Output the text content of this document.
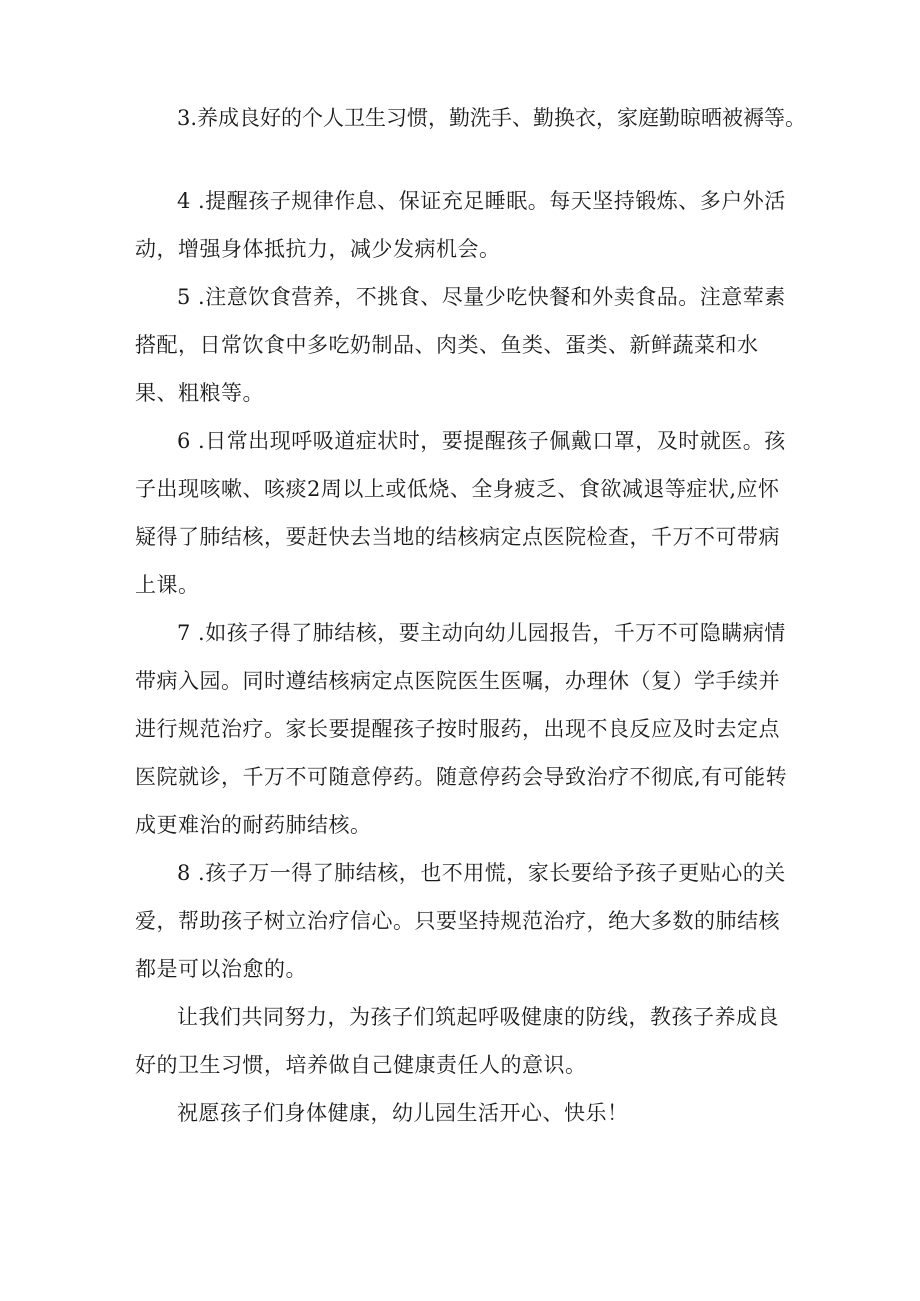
3.养成良好的个人卫生习惯，勤洗手、勤换衣，家庭勤晾晒被褥等。

4 .提醒孩子规律作息、保证充足睡眠。每天坚持锻炼、多户外活动，增强身体抵抗力，减少发病机会。

5 .注意饮食营养，不挑食、尽量少吃快餐和外卖食品。注意荤素搭配，日常饮食中多吃奶制品、肉类、鱼类、蛋类、新鲜蔬菜和水果、粗粮等。

6 .日常出现呼吸道症状时，要提醒孩子佩戴口罩，及时就医。孩子出现咳嗽、咳痰2周以上或低烧、全身疲乏、食欲减退等症状,应怀疑得了肺结核，要赶快去当地的结核病定点医院检查，千万不可带病上课。

7 .如孩子得了肺结核，要主动向幼儿园报告，千万不可隐瞒病情带病入园。同时遵结核病定点医院医生医嘱，办理休（复）学手续并进行规范治疗。家长要提醒孩子按时服药，出现不良反应及时去定点医院就诊，千万不可随意停药。随意停药会导致治疗不彻底,有可能转成更难治的耐药肺结核。

8 .孩子万一得了肺结核，也不用慌，家长要给予孩子更贴心的关爱，帮助孩子树立治疗信心。只要坚持规范治疗，绝大多数的肺结核都是可以治愈的。

让我们共同努力，为孩子们筑起呼吸健康的防线，教孩子养成良好的卫生习惯，培养做自己健康责任人的意识。

祝愿孩子们身体健康，幼儿园生活开心、快乐！
